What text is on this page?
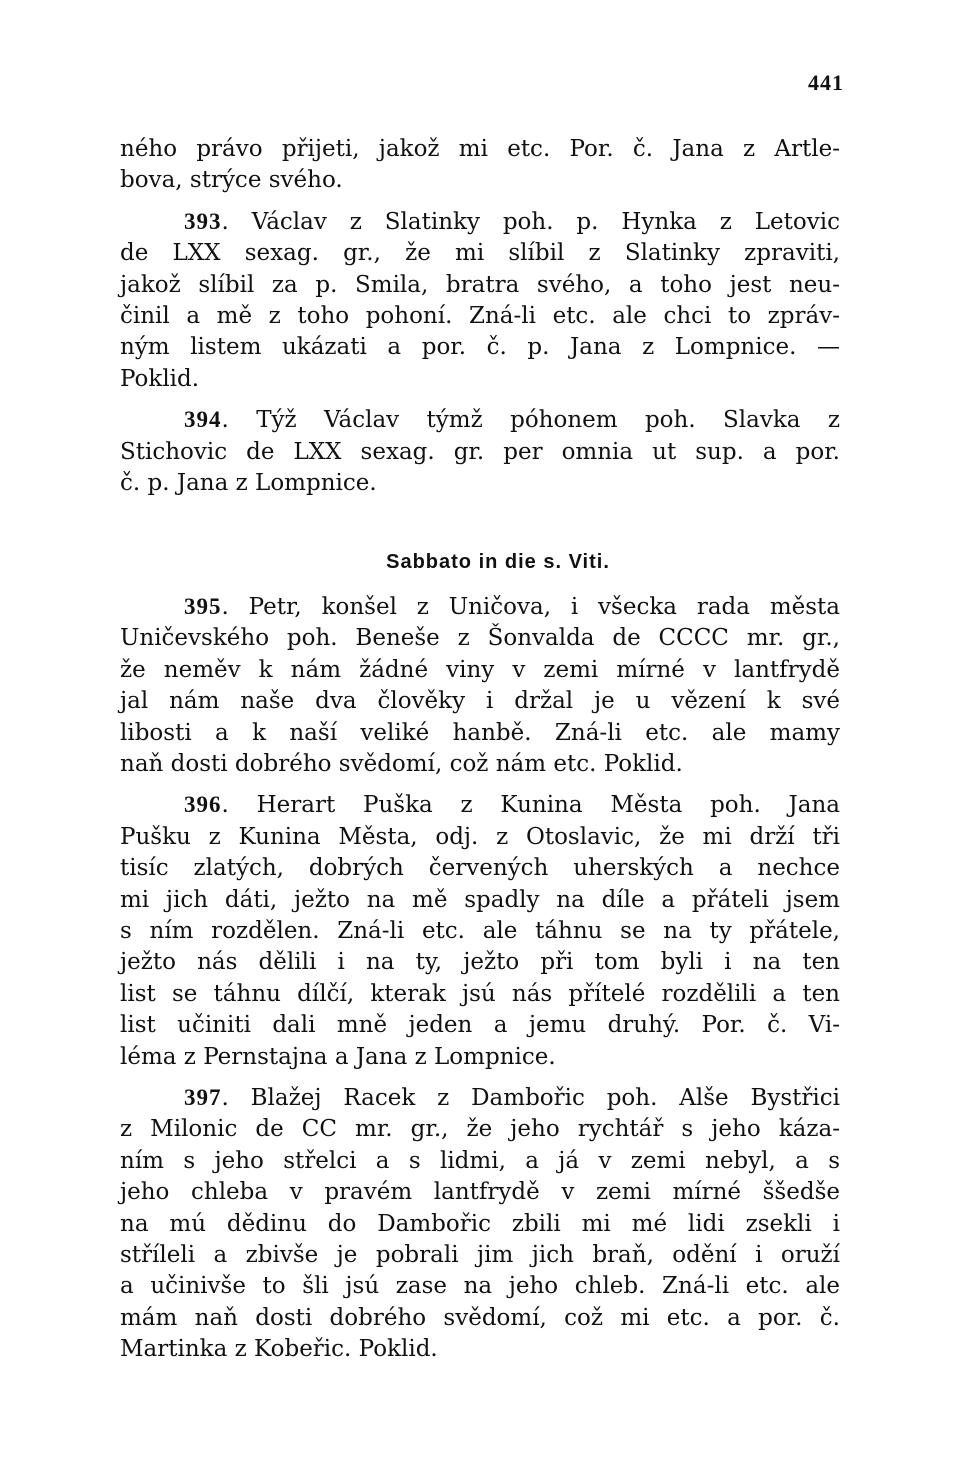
441
ného právo přijeti, jakož mi etc. Por. č. Jana z Artle-
bova, strýce svého.
393. Václav z Slatinky poh. p. Hynka z Letovic
de LXX sexag. gr., že mi slíbil z Slatinky zpraviti,
jakož slíbil za p. Smila, bratra svého, a toho jest neu-
činil a mě z toho pohoní. Zná-li etc. ale chci to zpráv-
ným listem ukázati a por. č. p. Jana z Lompnice. —
Poklid.
394. Týž Václav týmž póhonem poh. Slavka z
Stichovic de LXX sexag. gr. per omnia ut sup. a por.
č. p. Jana z Lompnice.
Sabbato in die s. Viti.
395. Petr, konšel z Uničova, i všecka rada města
Uničevského poh. Beneše z Šonvalda de CCCC mr. gr.,
že neměv k nám žádné viny v zemi mírné v lantfrydě
jal nám naše dva člověky i držal je u vězení k své
libosti a k naší veliké hanbě. Zná-li etc. ale mamy
naň dosti dobrého svědomí, což nám etc. Poklid.
396. Herart Puška z Kunina Města poh. Jana
Pušku z Kunina Města, odj. z Otoslavic, že mi drží tři
tisíc zlatých, dobrých červených uherských a nechce
mi jich dáti, ježto na mě spadly na díle a přáteli jsem
s ním rozdělen. Zná-li etc. ale táhnu se na ty přátele,
ježto nás dělili i na ty, ježto při tom byli i na ten
list se táhnu dílčí, kterak jsú nás přítelé rozdělili a ten
list učiniti dali mně jeden a jemu druhý. Por. č. Vi-
léma z Pernstajna a Jana z Lompnice.
397. Blažej Racek z Dambořic poh. Alše Bystřici
z Milonic de CC mr. gr., že jeho rychtář s jeho káza-
ním s jeho střelci a s lidmi, a já v zemi nebyl, a s
jeho chleba v pravém lantfrydě v zemi mírné ššedše
na mú dědinu do Dambořic zbili mi mé lidi zsekli i
stříleli a zbivše je pobrali jim jich braň, odění i oruží
a učinivše to šli jsú zase na jeho chleb. Zná-li etc. ale
mám naň dosti dobrého svědomí, což mi etc. a por. č.
Martinka z Kobeřic. Poklid.
